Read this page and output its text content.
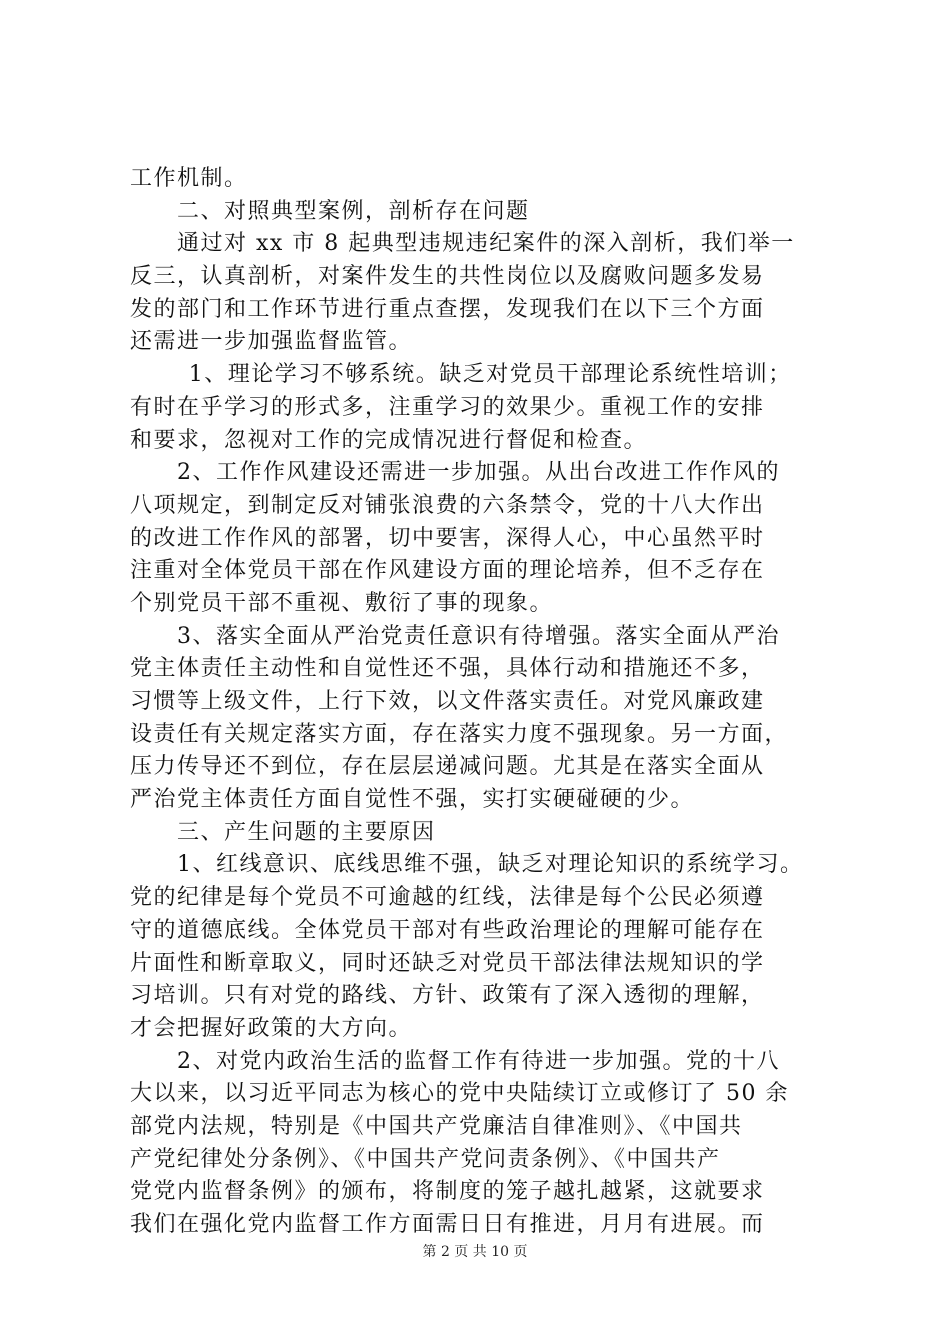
工作机制。
二、对照典型案例，剖析存在问题
通过对 xx 市 8 起典型违规违纪案件的深入剖析，我们举一
反三，认真剖析，对案件发生的共性岗位以及腐败问题多发易
发的部门和工作环节进行重点查摆，发现我们在以下三个方面
还需进一步加强监督监管。
1、理论学习不够系统。缺乏对党员干部理论系统性培训；
有时在乎学习的形式多，注重学习的效果少。重视工作的安排
和要求，忽视对工作的完成情况进行督促和检查。
2、工作作风建设还需进一步加强。从出台改进工作作风的
八项规定，到制定反对铺张浪费的六条禁令，党的十八大作出
的改进工作作风的部署，切中要害，深得人心，中心虽然平时
注重对全体党员干部在作风建设方面的理论培养，但不乏存在
个别党员干部不重视、敷衍了事的现象。
3、落实全面从严治党责任意识有待增强。落实全面从严治
党主体责任主动性和自觉性还不强，具体行动和措施还不多，
习惯等上级文件，上行下效，以文件落实责任。对党风廉政建
设责任有关规定落实方面，存在落实力度不强现象。另一方面，
压力传导还不到位，存在层层递减问题。尤其是在落实全面从
严治党主体责任方面自觉性不强，实打实硬碰硬的少。
三、产生问题的主要原因
1、红线意识、底线思维不强，缺乏对理论知识的系统学习。
党的纪律是每个党员不可逾越的红线，法律是每个公民必须遵
守的道德底线。全体党员干部对有些政治理论的理解可能存在
片面性和断章取义，同时还缺乏对党员干部法律法规知识的学
习培训。只有对党的路线、方针、政策有了深入透彻的理解，
才会把握好政策的大方向。
2、对党内政治生活的监督工作有待进一步加强。党的十八
大以来，以习近平同志为核心的党中央陆续订立或修订了 50 余
部党内法规，特别是《中国共产党廉洁自律准则》、《中国共
产党纪律处分条例》、《中国共产党问责条例》、《中国共产
党党内监督条例》的颁布，将制度的笼子越扎越紧，这就要求
我们在强化党内监督工作方面需日日有推进，月月有进展。而
第 2 页 共 10 页
